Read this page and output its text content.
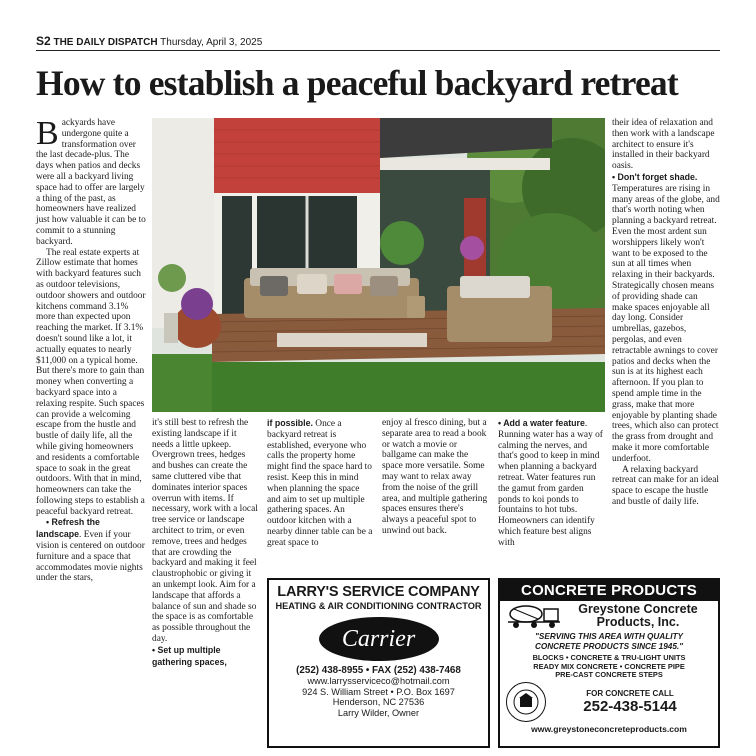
S2 THE DAILY DISPATCH Thursday, April 3, 2025
How to establish a peaceful backyard retreat

Backyards have undergone quite a transformation over the last decade-plus. The days when patios and decks were all a backyard living space had to offer are largely a thing of the past, as homeowners have realized just how valuable it can be to commit to a stunning backyard.

The real estate experts at Zillow estimate that homes with backyard features such as outdoor televisions, outdoor showers and outdoor kitchens command 3.1% more than expected upon reaching the market. If 3.1% doesn't sound like a lot, it actually equates to nearly $11,000 on a typical home. But there's more to gain than money when converting a backyard space into a relaxing respite. Such spaces can provide a welcoming escape from the hustle and bustle of daily life, all the while giving homeowners and residents a comfortable space to soak in the great outdoors. With that in mind, homeowners can take the following steps to establish a peaceful backyard retreat.

• Refresh the landscape. Even if your vision is centered on outdoor furniture and a space that accommodates movie nights under the stars,

it's still best to refresh the existing landscape if it needs a little upkeep. Overgrown trees, hedges and bushes can create the same cluttered vibe that dominates interior spaces overrun with items. If necessary, work with a local tree service or landscape architect to trim, or even remove, trees and hedges that are crowding the backyard and making it feel claustrophobic or giving it an unkempt look. Aim for a landscape that affords a balance of sun and shade so the space is as comfortable as possible throughout the day.

• Set up multiple gathering spaces,

if possible. Once a backyard retreat is established, everyone who calls the property home might find the space hard to resist. Keep this in mind when planning the space and aim to set up multiple gathering spaces. An outdoor kitchen with a nearby dinner table can be a great space to

enjoy al fresco dining, but a separate area to read a book or watch a movie or ballgame can make the space more versatile. Some may want to relax away from the noise of the grill area, and multiple gathering spaces ensures there's always a peaceful spot to unwind out back.

• Add a water feature. Running water has a way of calming the nerves, and that's good to keep in mind when planning a backyard retreat. Water features run the gamut from garden ponds to koi ponds to fountains to hot tubs. Homeowners can identify which feature best aligns with

their idea of relaxation and then work with a landscape architect to ensure it's installed in their backyard oasis.

• Don't forget shade. Temperatures are rising in many areas of the globe, and that's worth noting when planning a backyard retreat. Even the most ardent sun worshippers likely won't want to be exposed to the sun at all times when relaxing in their backyards. Strategically chosen means of providing shade can make spaces enjoyable all day long. Consider umbrellas, gazebos, pergolas, and even retractable awnings to cover patios and decks when the sun is at its highest each afternoon. If you plan to spend ample time in the grass, make that more enjoyable by planting shade trees, which also can protect the grass from drought and make it more comfortable underfoot.

A relaxing backyard retreat can make for an ideal space to escape the hustle and bustle of daily life.

LARRY'S SERVICE COMPANY
HEATING & AIR CONDITIONING CONTRACTOR
Carrier
(252) 438-8955 • FAX (252) 438-7468
www.larrysserviceco@hotmail.com
924 S. William Street • P.O. Box 1697
Henderson, NC 27536
Larry Wilder, Owner
CONCRETE PRODUCTS
Greystone Concrete
Products, Inc.
"SERVING THIS AREA WITH QUALITY
CONCRETE PRODUCTS SINCE 1945."
BLOCKS • CONCRETE & TRU-LIGHT UNITS
READY MIX CONCRETE • CONCRETE PIPE
PRE-CAST CONCRETE STEPS
FOR CONCRETE CALL
252-438-5144
www.greystoneconcreteproducts.com
